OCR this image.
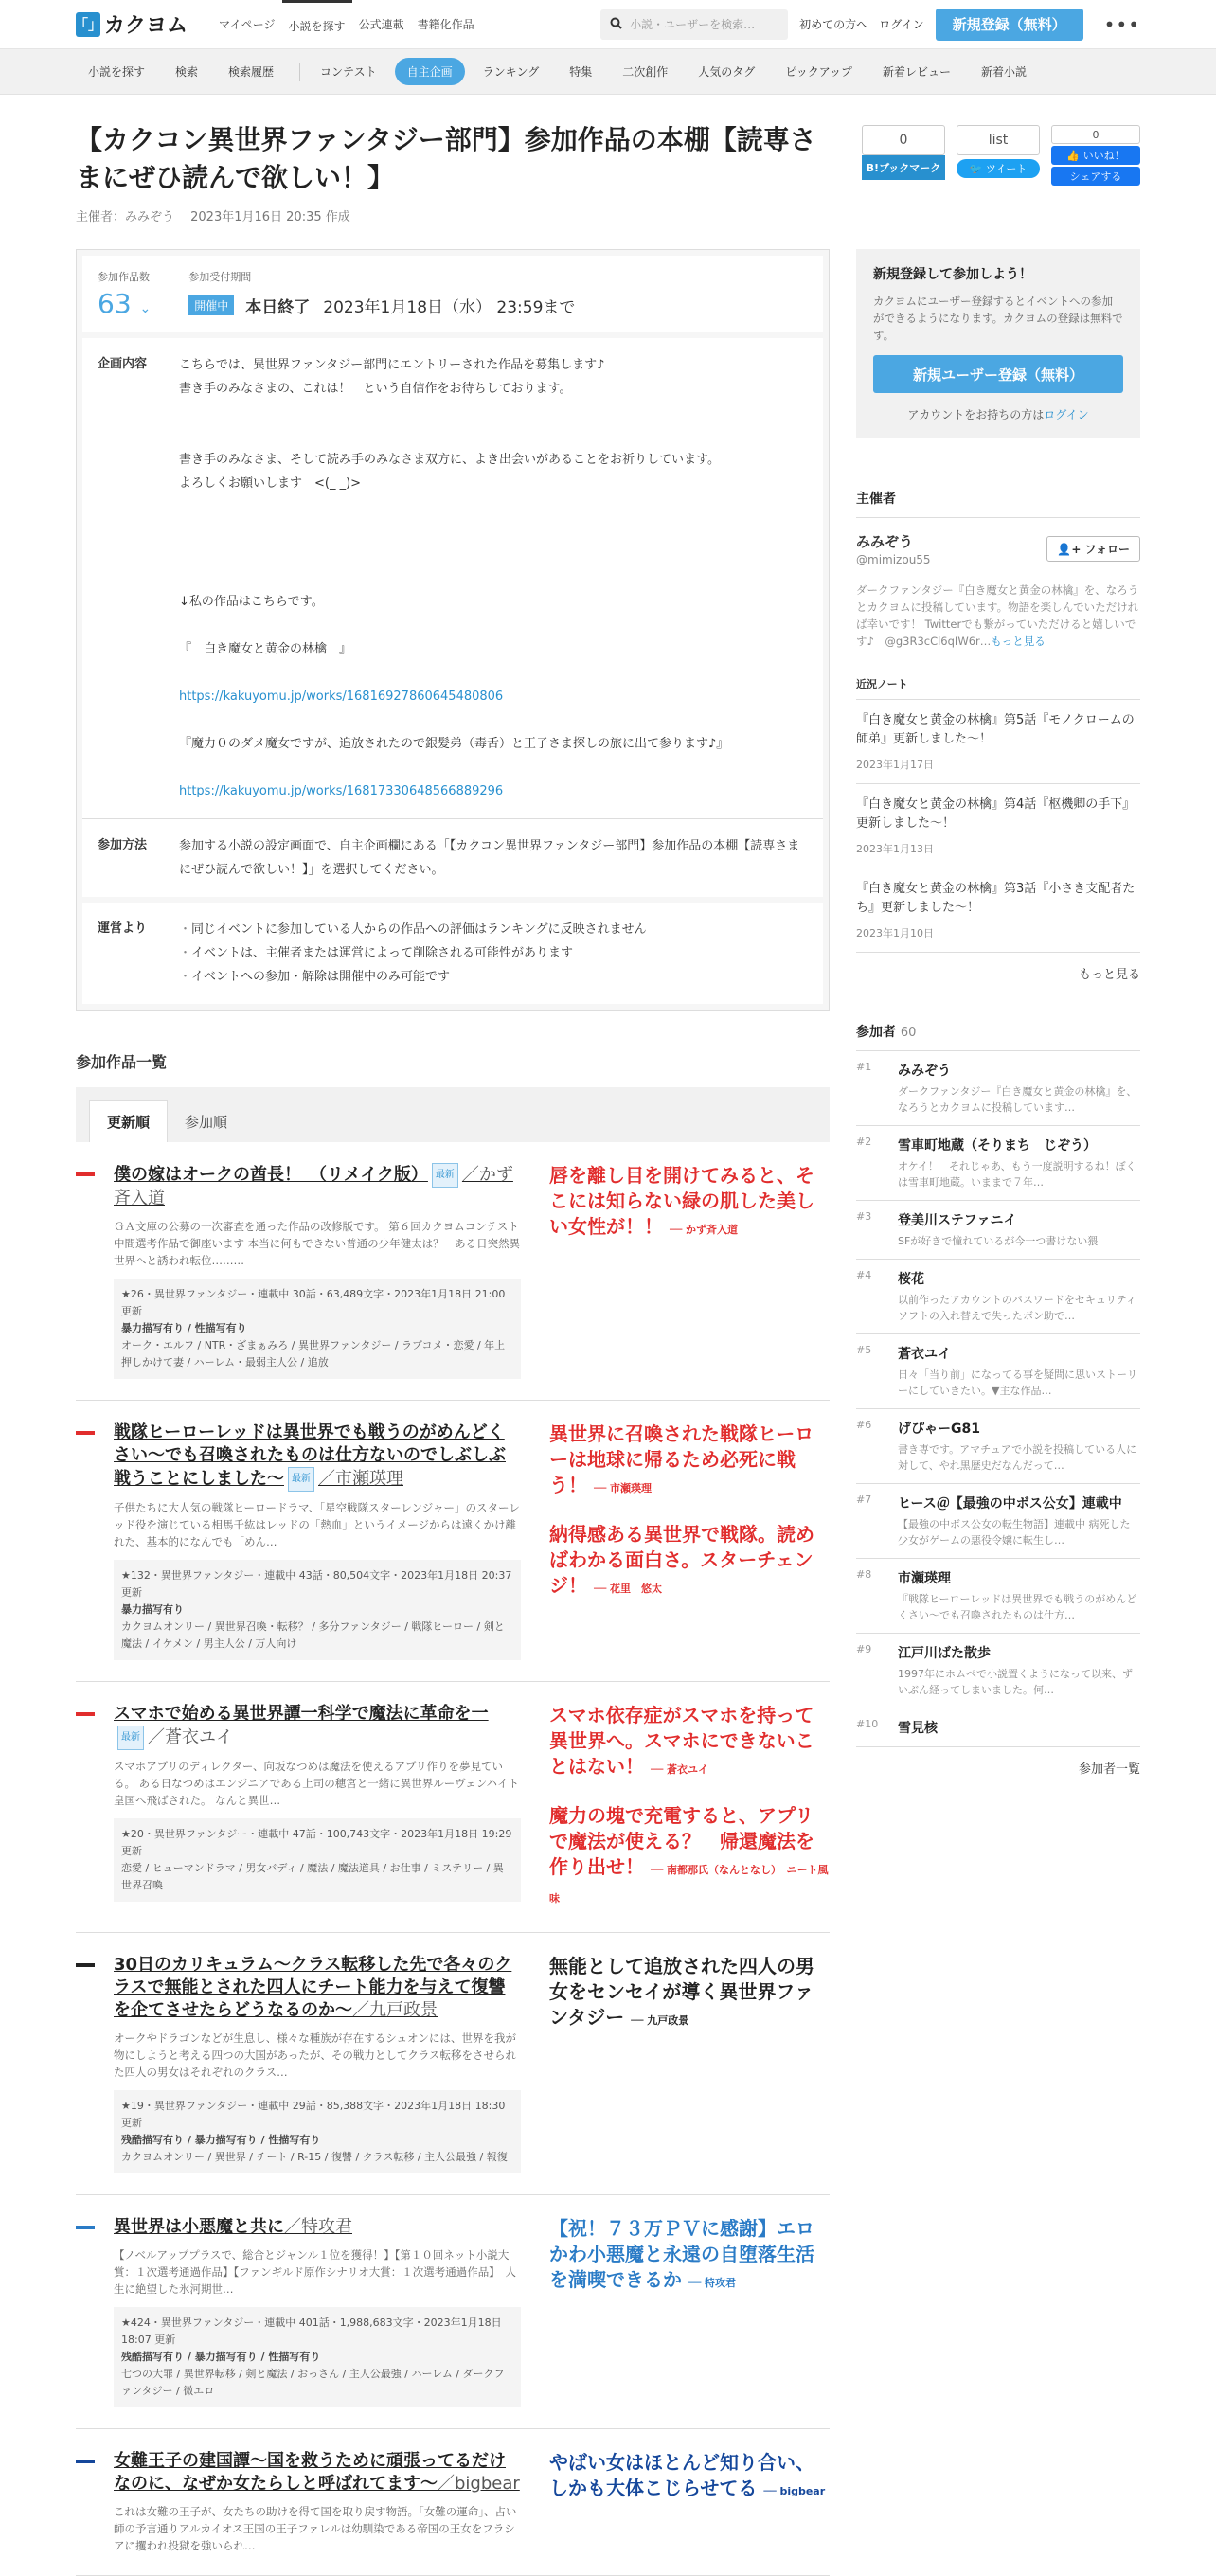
「」 カクヨム	マイページ	小説を探す	公式連載	書籍化作品	小説・ユーザーを検索…	初めての方へ ログイン	新規登録（無料）	•••
小説を探す	検索	検索履歴	コンテスト	自主企画	ランキング	特集	二次創作	人気のタグ	ピックアップ	新着レビュー	新着小説
【カクコン異世界ファンタジー部門】参加作品の本棚【読専さまにぜひ読んで欲しい！】
主催者：みみぞう　 2023年1月16日 20:35 作成
0
B!ブックマーク
list
🐦
ツイート
0
👍
いいね！
シェアする
参加作品数
63 ⌄
参加受付期間
開催中	本日終了 2023年1月18日（水） 23:59まで
企画内容	こちらでは、異世界ファンタジー部門にエントリーされた作品を募集します♪
書き手のみなさまの、これは！　という自信作をお待ちしております。
書き手のみなさま、そして読み手のみなさま双方に、よき出会いがあることをお祈りしています。
よろしくお願いします　<(_ _)>
↓私の作品はこちらです。
『　白き魔女と黄金の林檎　』
https://kakuyomu.jp/works/16816927860645480806
『魔力０のダメ魔女ですが、追放されたので銀髪弟（毒舌）と王子さま探しの旅に出て参ります♪』
https://kakuyomu.jp/works/16817330648566889296
参加方法	参加する小説の設定画面で、自主企画欄にある「【カクコン異世界ファンタジー部門】参加作品の本棚【読専さまにぜひ読んで欲しい！】」を選択してください。
運営より	・ 同じイベントに参加している人からの作品への評価はランキングに反映されません
・ イベントは、主催者または運営によって削除される可能性があります
・ イベントへの参加・解除は開催中のみ可能です
参加作品一覧
更新順	参加順
僕の嫁はオークの酋長！　（リメイク版） 最新 ／かず斉入道
ＧＡ文庫の公募の一次審査を通った作品の改修版です。 第６回カクヨムコンテスト中間選考作品で御座います 本当に何もできない普通の少年健太は？　ある日突然異世界へと誘われ転位………
★26・異世界ファンタジー・連載中 30話・63,489文字・2023年1月18日 21:00 更新
暴力描写有り / 性描写有り
オーク・エルフ / NTR・ざまぁみろ / 異世界ファンタジー / ラブコメ・恋愛 / 年上押しかけて妻 / ハーレム・最弱主人公 / 追放
唇を離し目を開けてみると、そこには知らない緑の肌した美しい女性が！！ ── かず斉入道
戦隊ヒーローレッドは異世界でも戦うのがめんどくさい〜でも召喚されたものは仕方ないのでしぶしぶ戦うことにしました〜 最新 ／市瀬瑛理
子供たちに大人気の戦隊ヒーロードラマ、「星空戦隊スターレンジャー」のスターレッド役を演じている相馬千紘はレッドの「熱血」というイメージからは遠くかけ離れた、基本的になんでも「めん…
★132・異世界ファンタジー・連載中 43話・80,504文字・2023年1月18日 20:37 更新
暴力描写有り
カクヨムオンリー / 異世界召喚・転移？ / 多分ファンタジー / 戦隊ヒーロー / 剣と魔法 / イケメン / 男主人公 / 万人向け
異世界に召喚された戦隊ヒーローは地球に帰るため必死に戦う！ ── 市瀬瑛理
納得感ある異世界で戦隊。読めばわかる面白さ。スターチェンジ！ ── 花里　悠太
スマホで始める異世界譚一科学で魔法に革命を一最新 ／蒼衣ユイ
スマホアプリのディレクター、向坂なつめは魔法を使えるアプリ作りを夢見ている。 ある日なつめはエンジニアである上司の穂宮と一緒に異世界ルーヴェンハイト皇国へ飛ばされた。 なんと異世…
★20・異世界ファンタジー・連載中 47話・100,743文字・2023年1月18日 19:29 更新
恋愛 / ヒューマンドラマ / 男女バディ / 魔法 / 魔法道具 / お仕事 / ミステリー / 異世界召喚
スマホ依存症がスマホを持って異世界へ。スマホにできないことはない！ ── 蒼衣ユイ
魔力の塊で充電すると、アプリで魔法が使える？　帰還魔法を作り出せ！ ── 南都那氏（なんとなし）　ニート風味
30日のカリキュラム～クラス転移した先で各々のクラスで無能とされた四人にチート能力を与えて復讐を企てさせたらどうなるのか～／九戸政景
オークやドラゴンなどが生息し、様々な種族が存在するシュオンには、世界を我が物にしようと考える四つの大国があったが、その戦力としてクラス転移をさせられた四人の男女はそれぞれのクラス…
★19・異世界ファンタジー・連載中 29話・85,388文字・2023年1月18日 18:30 更新
残酷描写有り / 暴力描写有り / 性描写有り
カクヨムオンリー / 異世界 / チート / R-15 / 復讐 / クラス転移 / 主人公最強 / 報復
無能として追放された四人の男女をセンセイが導く異世界ファンタジー ── 九戸政景
異世界は小悪魔と共に／特攻君
【ノベルアッププラスで、総合とジャンル１位を獲得！】【第１０回ネット小説大賞：１次選考通過作品】【ファンギルド原作シナリオ大賞：１次選考通過作品】　人生に絶望した氷河期世…
★424・異世界ファンタジー・連載中 401話・1,988,683文字・2023年1月18日 18:07 更新
残酷描写有り / 暴力描写有り / 性描写有り
七つの大罪 / 異世界転移 / 剣と魔法 / おっさん / 主人公最強 / ハーレム / ダークファンタジー / 微エロ
【祝！７３万ＰＶに感謝】エロかわ小悪魔と永遠の自堕落生活を満喫できるか ── 特攻君
女難王子の建国譚～国を救うために頑張ってるだけなのに、なぜか女たらしと呼ばれてます～／bigbear
これは女難の王子が、女たちの助けを得て国を取り戻す物語。「女難の運命」、占い師の予言通りアルカイオス王国の王子ファレルは幼馴染である帝国の王女をフラシアに攫われ投獄を強いられ…
やばい女はほとんど知り合い、しかも大体こじらせてる ── bigbear
新規登録して参加しよう！
カクヨムにユーザー登録するとイベントへの参加ができるようになります。カクヨムの登録は無料です。
新規ユーザー登録（無料）
アカウントをお持ちの方はログイン
主催者
みみぞう
@mimizou55
👤+ フォロー
ダークファンタジー『白き魔女と黄金の林檎』を、なろうとカクヨムに投稿しています。物語を楽しんでいただければ幸いです！ Twitterでも繋がっていただけると嬉しいです♪　@g3R3cCl6qIW6r…もっと見る
近況ノート
『白き魔女と黄金の林檎』第5話『モノクロームの師弟』更新しました～！
2023年1月17日
『白き魔女と黄金の林檎』第4話『枢機卿の手下』更新しました～！
2023年1月13日
『白き魔女と黄金の林檎』第3話『小さき支配者たち』更新しました～！
2023年1月10日
もっと見る
参加者 60
#1	みみぞう
ダークファンタジー『白き魔女と黄金の林檎』を、なろうとカクヨムに投稿しています…
#2	雪車町地蔵（そりまち　じぞう）
オケイ！　それじゃあ、もう一度説明するね！ぼくは雪車町地蔵。いままで７年…
#3	登美川ステファニイ
SFが好きで憧れているが今一つ書けない猥
#4	桜花
以前作ったアカウントのパスワードをセキュリティソフトの入れ替えで失ったボン助で…
#5	蒼衣ユイ
日々「当り前」になってる事を疑問に思いストーリーにしていきたい。▼主な作品…
#6	げぴゃーG81
書き専です。アマチュアで小説を投稿している人に対して、やれ黒歴史だなんだって…
#7	ヒース＠【最強の中ボス公女】連載中
【最強の中ボス公女の転生物語】連載中 病死した少女がゲームの悪役令嬢に転生し…
#8	市瀬瑛理
『戦隊ヒーローレッドは異世界でも戦うのがめんどくさい〜でも召喚されたものは仕方…
#9	江戸川ばた散歩
1997年にホムペで小説置くようになって以来、ずいぶん経ってしまいました。何…
#10	雪見核
参加者一覧
